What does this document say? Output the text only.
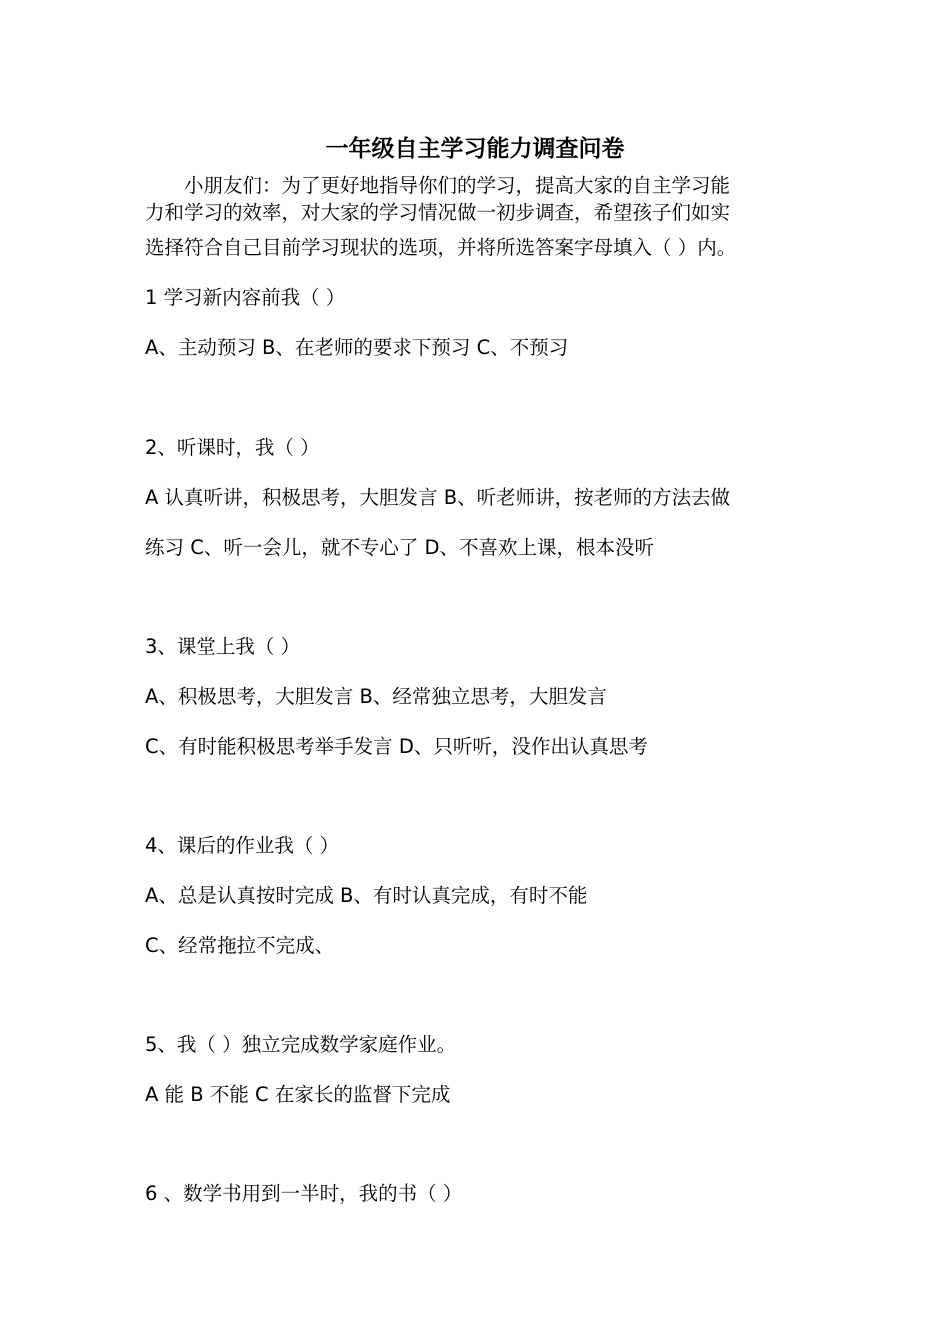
一年级自主学习能力调查问卷
　　小朋友们：为了更好地指导你们的学习，提高大家的自主学习能
力和学习的效率，对大家的学习情况做一初步调查，希望孩子们如实
选择符合自己目前学习现状的选项，并将所选答案字母填入（ ）内。
1 学习新内容前我（ ）
A、主动预习 B、在老师的要求下预习 C、不预习
2、听课时，我（ ）
A 认真听讲，积极思考，大胆发言 B、听老师讲，按老师的方法去做
练习 C、听一会儿，就不专心了 D、不喜欢上课，根本没听
3、课堂上我（ ）
A、积极思考，大胆发言 B、经常独立思考，大胆发言
C、有时能积极思考举手发言 D、只听听，没作出认真思考
4、课后的作业我（ ）
A、总是认真按时完成 B、有时认真完成，有时不能
C、经常拖拉不完成、
5、我（ ）独立完成数学家庭作业。
A 能 B 不能 C 在家长的监督下完成
6 、数学书用到一半时，我的书（ ）
